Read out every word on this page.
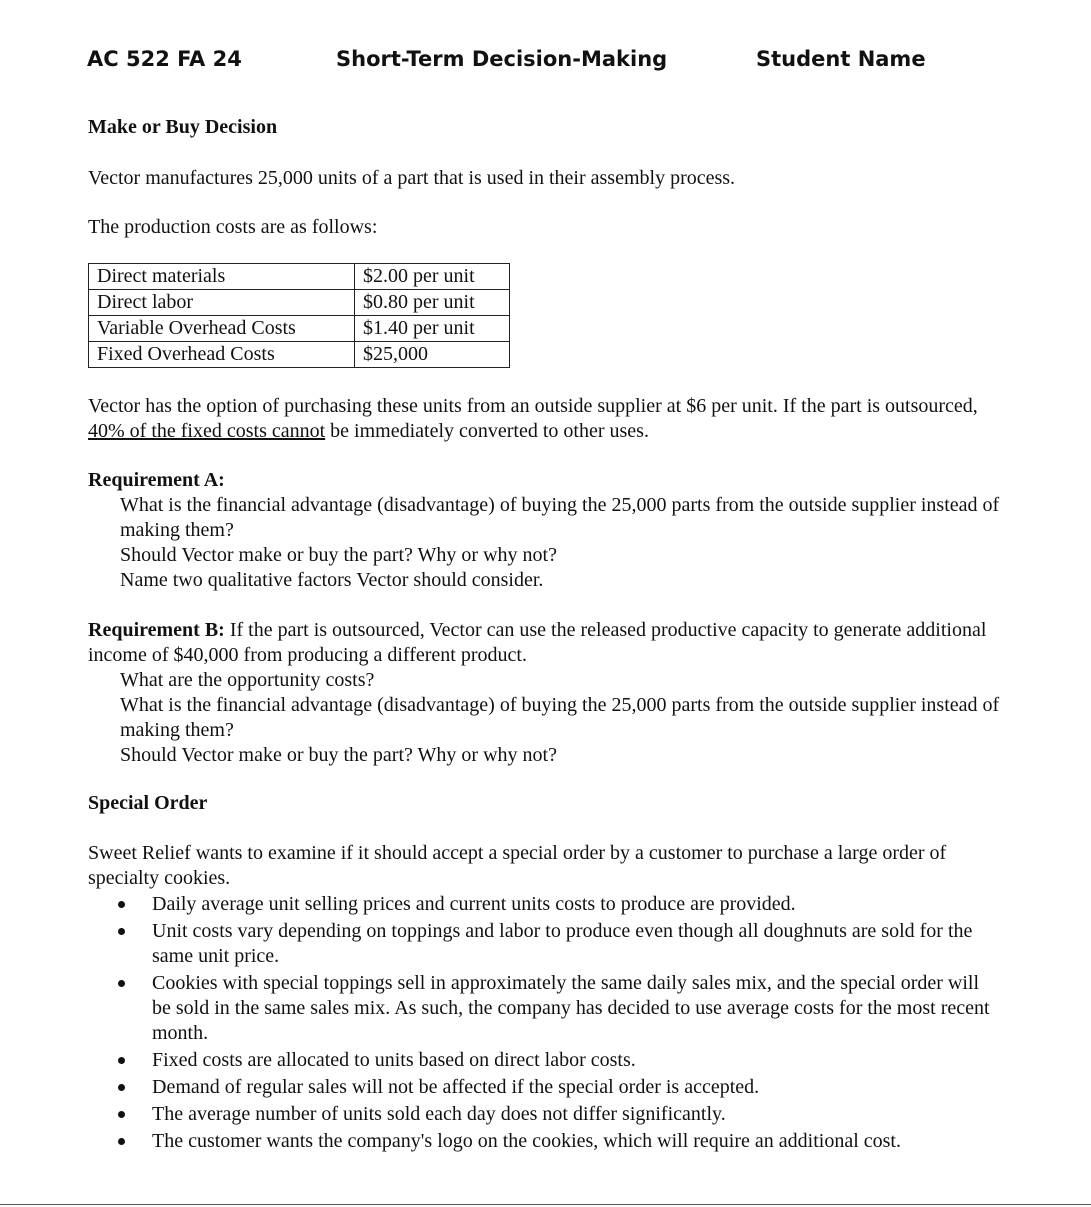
AC 522 FA 24	Short-Term Decision-Making	Student Name
Make or Buy Decision
Vector manufactures 25,000 units of a part that is used in their assembly process.
The production costs are as follows:
Direct materials	$2.00 per unit
Direct labor	$0.80 per unit
Variable Overhead Costs	$1.40 per unit
Fixed Overhead Costs	$25,000
Vector has the option of purchasing these units from an outside supplier at $6 per unit. If the part is outsourced, 40% of the fixed costs cannot be immediately converted to other uses.
Requirement A:
What is the financial advantage (disadvantage) of buying the 25,000 parts from the outside supplier instead of making them?
Should Vector make or buy the part? Why or why not?
Name two qualitative factors Vector should consider.
Requirement B: If the part is outsourced, Vector can use the released productive capacity to generate additional income of $40,000 from producing a different product.
What are the opportunity costs?
What is the financial advantage (disadvantage) of buying the 25,000 parts from the outside supplier instead of making them?
Should Vector make or buy the part? Why or why not?
Special Order
Sweet Relief wants to examine if it should accept a special order by a customer to purchase a large order of specialty cookies.
Daily average unit selling prices and current units costs to produce are provided.
Unit costs vary depending on toppings and labor to produce even though all doughnuts are sold for the same unit price.
Cookies with special toppings sell in approximately the same daily sales mix, and the special order will be sold in the same sales mix. As such, the company has decided to use average costs for the most recent month.
Fixed costs are allocated to units based on direct labor costs.
Demand of regular sales will not be affected if the special order is accepted.
The average number of units sold each day does not differ significantly.
The customer wants the company's logo on the cookies, which will require an additional cost.
